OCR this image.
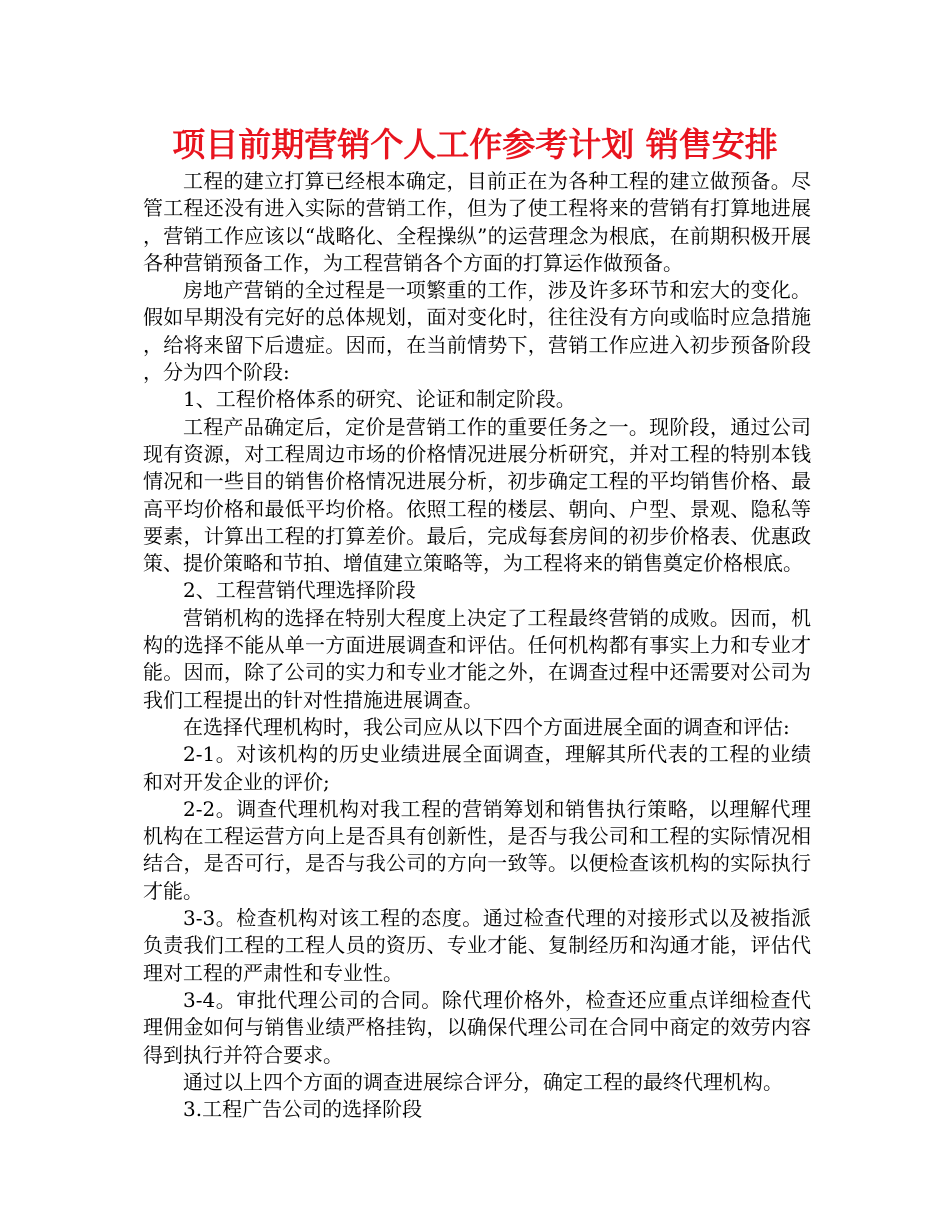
项目前期营销个人工作参考计划 销售安排

工程的建立打算已经根本确定，目前正在为各种工程的建立做预备。尽管工程还没有进入实际的营销工作，但为了使工程将来的营销有打算地进展，营销工作应该以“战略化、全程操纵”的运营理念为根底，在前期积极开展各种营销预备工作，为工程营销各个方面的打算运作做预备。

房地产营销的全过程是一项繁重的工作，涉及许多环节和宏大的变化。假如早期没有完好的总体规划，面对变化时，往往没有方向或临时应急措施，给将来留下后遗症。因而，在当前情势下，营销工作应进入初步预备阶段，分为四个阶段:

1、工程价格体系的研究、论证和制定阶段。

工程产品确定后，定价是营销工作的重要任务之一。现阶段，通过公司现有资源，对工程周边市场的价格情况进展分析研究，并对工程的特别本钱情况和一些目的销售价格情况进展分析，初步确定工程的平均销售价格、最高平均价格和最低平均价格。依照工程的楼层、朝向、户型、景观、隐私等要素，计算出工程的打算差价。最后，完成每套房间的初步价格表、优惠政策、提价策略和节拍、增值建立策略等，为工程将来的销售奠定价格根底。

2、工程营销代理选择阶段

营销机构的选择在特别大程度上决定了工程最终营销的成败。因而，机构的选择不能从单一方面进展调查和评估。任何机构都有事实上力和专业才能。因而，除了公司的实力和专业才能之外，在调查过程中还需要对公司为我们工程提出的针对性措施进展调查。

在选择代理机构时，我公司应从以下四个方面进展全面的调查和评估:

2-1。对该机构的历史业绩进展全面调查，理解其所代表的工程的业绩和对开发企业的评价;

2-2。调查代理机构对我工程的营销筹划和销售执行策略，以理解代理机构在工程运营方向上是否具有创新性，是否与我公司和工程的实际情况相结合，是否可行，是否与我公司的方向一致等。以便检查该机构的实际执行才能。

3-3。检查机构对该工程的态度。通过检查代理的对接形式以及被指派负责我们工程的工程人员的资历、专业才能、复制经历和沟通才能，评估代理对工程的严肃性和专业性。

3-4。审批代理公司的合同。除代理价格外，检查还应重点详细检查代理佣金如何与销售业绩严格挂钩，以确保代理公司在合同中商定的效劳内容得到执行并符合要求。

通过以上四个方面的调查进展综合评分，确定工程的最终代理机构。

3.工程广告公司的选择阶段
